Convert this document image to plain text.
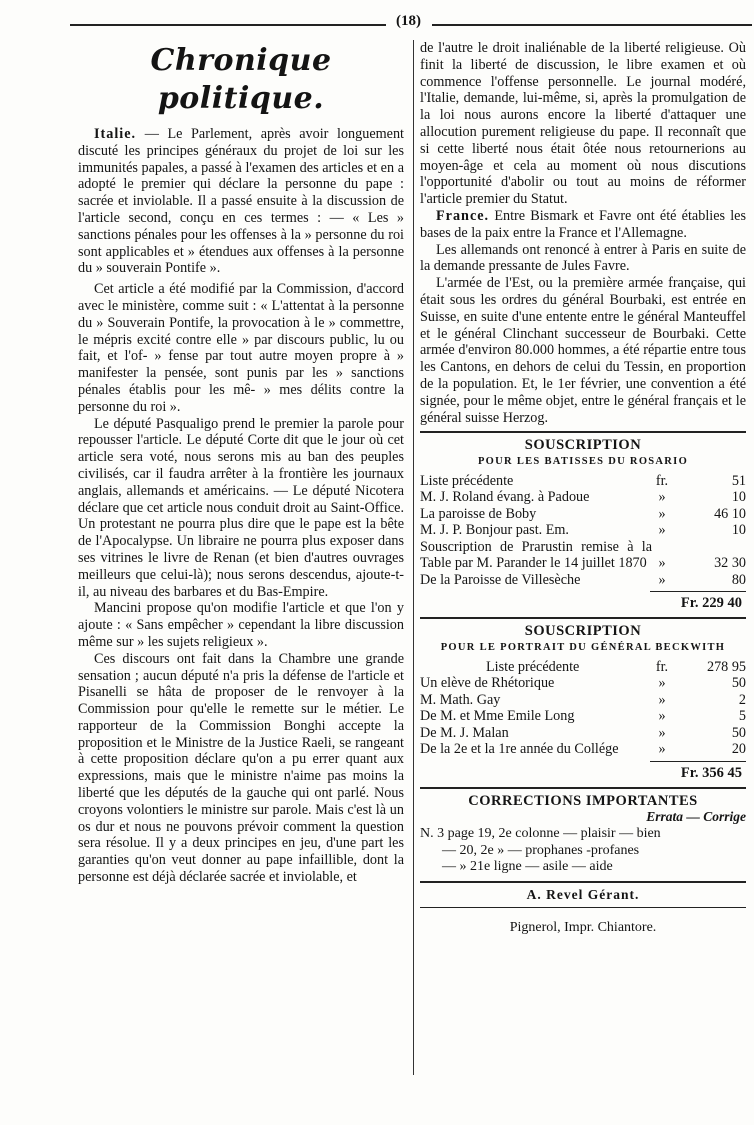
(18)
Chronique politique.

Italie. — Le Parlement, après avoir longuement discuté les principes généraux du projet de loi sur les immunités papales, a passé à l'examen des articles et en a adopté le premier qui déclare la personne du pape : sacrée et inviolable. Il a passé ensuite à la discussion de l'article second, conçu en ces termes : — « Les » sanctions pénales pour les offenses à la » personne du roi sont applicables et » étendues aux offenses à la personne du » souverain Pontife ».

Cet article a été modifié par la Commission, d'accord avec le ministère, comme suit : « L'attentat à la personne du » Souverain Pontife, la provocation à le » commettre, le mépris excité contre elle » par discours public, lu ou fait, et l'of- » fense par tout autre moyen propre à » manifester la pensée, sont punis par les » sanctions pénales établis pour les mê- » mes délits contre la personne du roi ».

Le député Pasqualigo prend le premier la parole pour repousser l'article. Le député Corte dit que le jour où cet article sera voté, nous serons mis au ban des peuples civilisés, car il faudra arrêter à la frontière les journaux anglais, allemands et américains. — Le député Nicotera déclare que cet article nous conduit droit au Saint-Office. Un protestant ne pourra plus dire que le pape est la bête de l'Apocalypse. Un libraire ne pourra plus exposer dans ses vitrines le livre de Renan (et bien d'autres ouvrages meilleurs que celui-là); nous serons descendus, ajoute-t-il, au niveau des barbares et du Bas-Empire.

Mancini propose qu'on modifie l'article et que l'on y ajoute : « Sans empêcher » cependant la libre discussion même sur » les sujets religieux ».

Ces discours ont fait dans la Chambre une grande sensation ; aucun député n'a pris la défense de l'article et Pisanelli se hâta de proposer de le renvoyer à la Commission pour qu'elle le remette sur le métier. Le rapporteur de la Commission Bonghi accepte la proposition et le Ministre de la Justice Raeli, se rangeant à cette proposition déclare qu'on a pu errer quant aux expressions, mais que le ministre n'aime pas moins la liberté que les députés de la gauche qui ont parlé. Nous croyons volontiers le ministre sur parole. Mais c'est là un os dur et nous ne pouvons prévoir comment la question sera résolue. Il y a deux principes en jeu, d'une part les garanties qu'on veut donner au pape infaillible, dont la personne est déjà déclarée sacrée et inviolable, et

de l'autre le droit inaliénable de la liberté religieuse. Où finit la liberté de discussion, le libre examen et où commence l'offense personnelle. Le journal modéré, l'Italie, demande, lui-même, si, après la promulgation de la loi nous aurons encore la liberté d'attaquer une allocution purement religieuse du pape. Il reconnaît que si cette liberté nous était ôtée nous retournerions au moyen-âge et cela au moment où nous discutions l'opportunité d'abolir ou tout au moins de réformer l'article premier du Statut.

France. Entre Bismark et Favre ont été établies les bases de la paix entre la France et l'Allemagne.

Les allemands ont renoncé à entrer à Paris en suite de la demande pressante de Jules Favre.

L'armée de l'Est, ou la première armée française, qui était sous les ordres du général Bourbaki, est entrée en Suisse, en suite d'une entente entre le général Manteuffel et le général Clinchant successeur de Bourbaki. Cette armée d'environ 80.000 hommes, a été répartie entre tous les Cantons, en dehors de celui du Tessin, en proportion de la population. Et, le 1er février, une convention a été signée, pour le même objet, entre le général français et le général suisse Herzog.

SOUSCRIPTION
POUR LES BATISSES DU ROSARIO
Liste précédente	fr.	51
M. J. Roland évang. à Padoue	»	10
La paroisse de Boby	»	46 10
M. J. P. Bonjour past. Em.	»	10
Souscription de Prarustin remise à la Table par M. Parander le 14 juillet 1870	»	32 30
De la Paroisse de Villesèche	»	80
Fr. 229 40
SOUSCRIPTION
POUR LE PORTRAIT DU GÉNÉRAL BECKWITH
Liste précédente	fr.	278 95
Un elève de Rhétorique	»	50
M. Math. Gay	»	2
De M. et Mme Emile Long	»	5
De M. J. Malan	»	50
De la 2e et la 1re année du Collége	»	20
Fr. 356 45
CORRECTIONS IMPORTANTES
Errata — Corrige
N. 3 page 19, 2e colonne — plaisir — bien
— 20, 2e » — prophanes -profanes
— » 21e ligne — asile — aide
A. Revel Gérant.
Pignerol, Impr. Chiantore.
